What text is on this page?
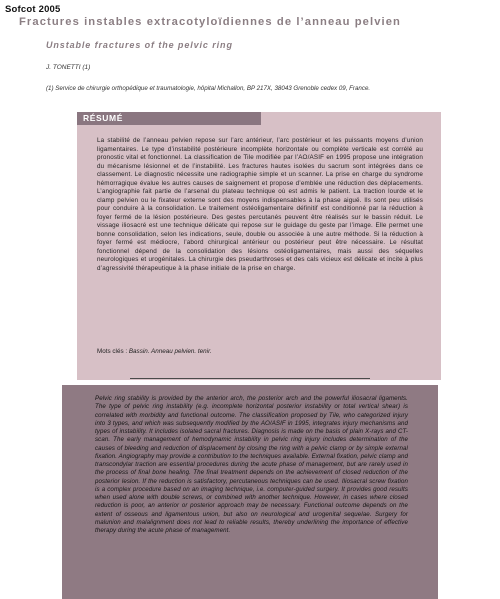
Sofcot 2005
Fractures instables extracotyloïdiennes de l’anneau pelvien
Unstable fractures of the pelvic ring
J. TONETTI (1)
(1) Service de chirurgie orthopédique et traumatologie, hôpital Michallon, BP 217X, 38043 Grenoble cedex 09, France.
RÉSUMÉ
La stabilité de l’anneau pelvien repose sur l’arc antérieur, l’arc postérieur et les puissants moyens d’union ligamentaires. Le type d’instabilité postérieure incomplète horizontale ou complète verticale est corrélé au pronostic vital et fonctionnel. La classification de Tile modifiée par l’AO/ASIF en 1995 propose une intégration du mécanisme lésionnel et de l’instabilité. Les fractures hautes isolées du sacrum sont intégrées dans ce classement. Le diagnostic nécessite une radiographie simple et un scanner. La prise en charge du syndrome hémorragique évalue les autres causes de saignement et propose d’emblée une réduction des déplacements. L’angiographie fait partie de l’arsenal du plateau technique où est admis le patient. La traction lourde et le clamp pelvien ou le fixateur externe sont des moyens indispensables à la phase aiguë. Ils sont peu utilisés pour conduire à la consolidation. Le traitement ostéoligamentaire définitif est conditionné par la réduction à foyer fermé de la lésion postérieure. Des gestes percutanés peuvent être réalisés sur le bassin réduit. Le vissage iliosacré est une technique délicate qui repose sur le guidage du geste par l’image. Elle permet une bonne consolidation, selon les indications, seule, double ou associée à une autre méthode. Si la réduction à foyer fermé est médiocre, l’abord chirurgical antérieur ou postérieur peut être nécessaire. Le résultat fonctionnel dépend de la consolidation des lésions ostéoligamentaires, mais aussi des séquelles neurologiques et urogénitales. La chirurgie des pseudarthroses et des cals vicieux est délicate et incite à plus d’agressivité thérapeutique à la phase initiale de la prise en charge.
Mots clés : Bassin. Anneau pelvien. tenir.
Pelvic ring stability is provided by the anterior arch, the posterior arch and the powerful iliosacral ligaments. The type of pelvic ring instability (e.g. incomplete horizontal posterior instability or total vertical shear) is correlated with morbidity and functional outcome. The classification proposed by Tile, who categorized injury into 3 types, and which was subsequently modified by the AO/ASIF in 1995, integrates injury mechanisms and types of instability. It includes isolated sacral fractures. Diagnosis is made on the basis of plain X-rays and CT-scan. The early management of hemodynamic instability in pelvic ring injury includes determination of the causes of bleeding and reduction of displacement by closing the ring with a pelvic clamp or by simple external fixation. Angiography may provide a contribution to the techniques available. External fixation, pelvic clamp and transcondylar traction are essential procedures during the acute phase of management, but are rarely used in the process of final bone healing. The final treatment depends on the achievement of closed reduction of the posterior lesion. If the reduction is satisfactory, percutaneous techniques can be used. Iliosacral screw fixation is a complex procedure based on an imaging technique, i.e. computer-guided surgery. It provides good results when used alone with double screws, or combined with another technique. However, in cases where closed reduction is poor, an anterior or posterior approach may be necessary. Functional outcome depends on the extent of osseous and ligamentous union, but also on neurological and urogenital sequelae. Surgery for malunion and malalignment does not lead to reliable results, thereby underlining the importance of effective therapy during the acute phase of management.
